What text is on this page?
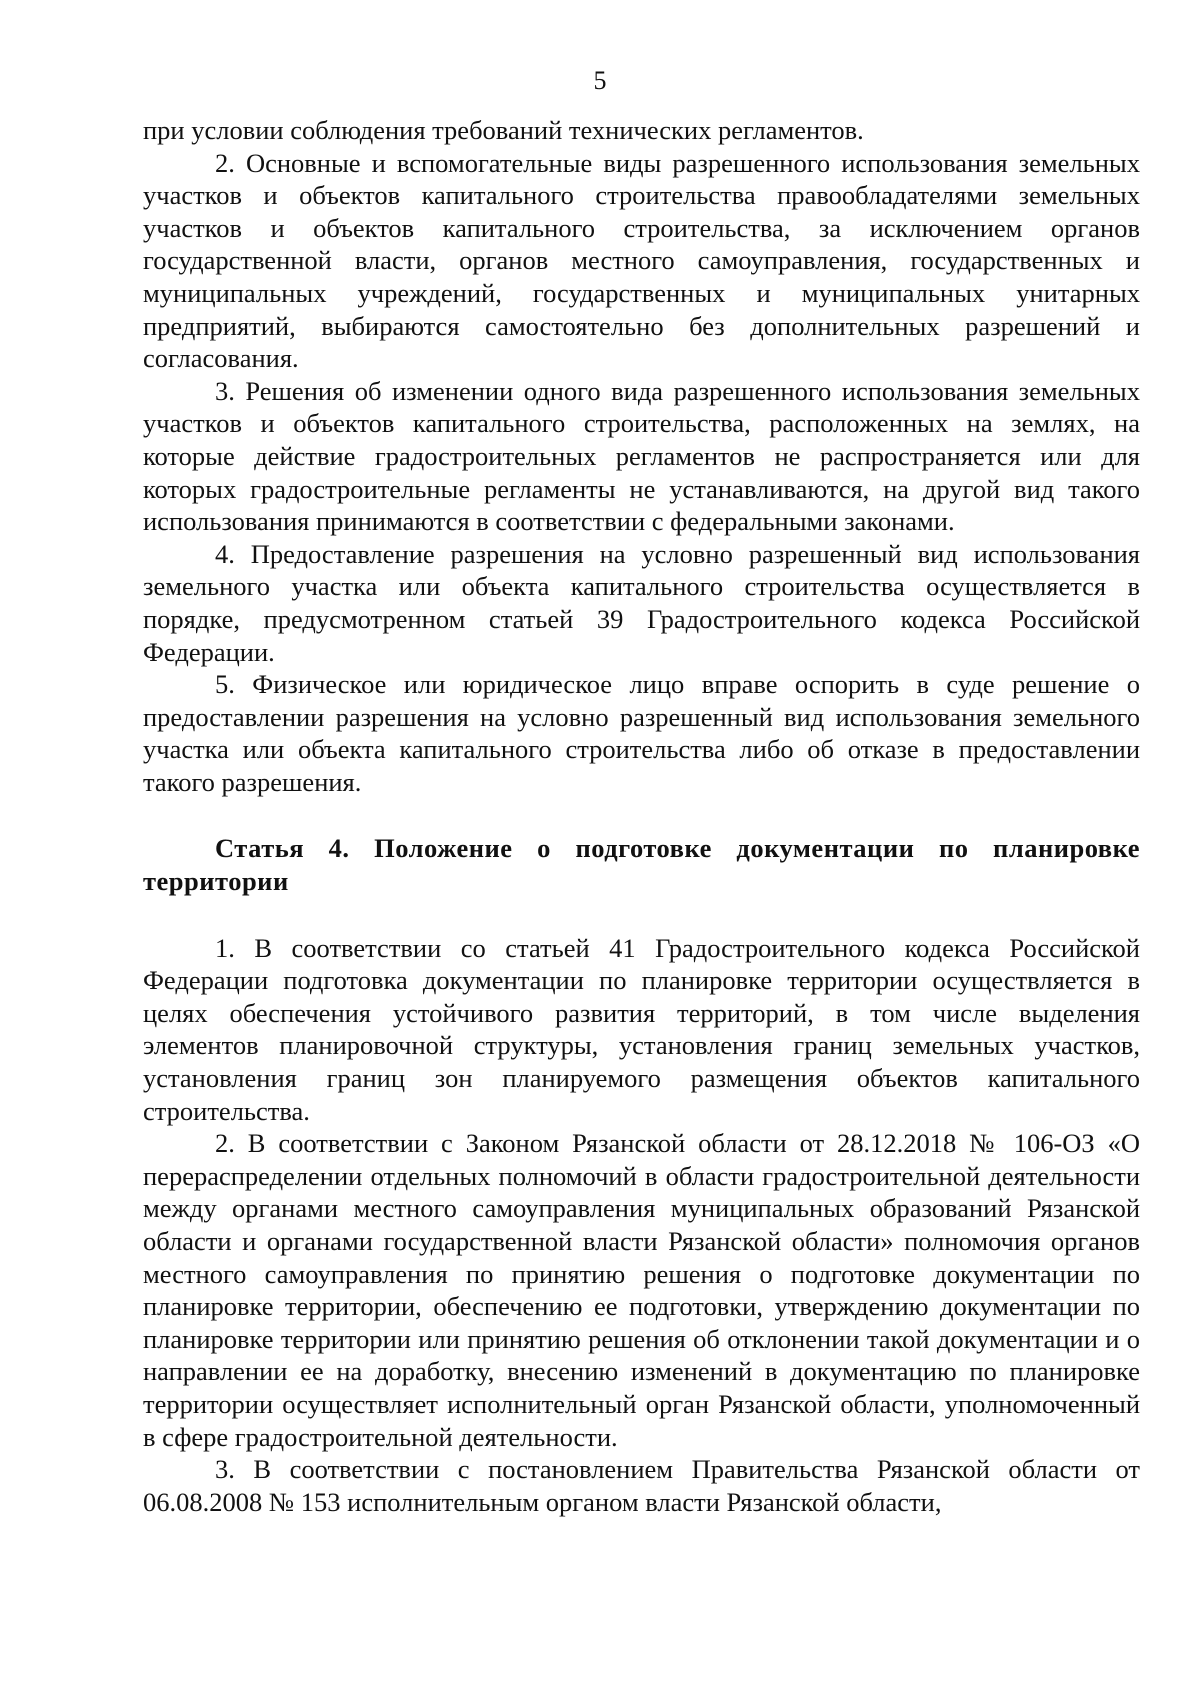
5

при условии соблюдения требований технических регламентов.

2. Основные и вспомогательные виды разрешенного использования земельных участков и объектов капитального строительства правообладателями земельных участков и объектов капитального строительства, за исключением органов государственной власти, органов местного самоуправления, государственных и муниципальных учреждений, государственных и муниципальных унитарных предприятий, выбираются самостоятельно без дополнительных разрешений и согласования.

3. Решения об изменении одного вида разрешенного использования земельных участков и объектов капитального строительства, расположенных на землях, на которые действие градостроительных регламентов не распространяется или для которых градостроительные регламенты не устанавливаются, на другой вид такого использования принимаются в соответствии с федеральными законами.

4. Предоставление разрешения на условно разрешенный вид использования земельного участка или объекта капитального строительства осуществляется в порядке, предусмотренном статьей 39 Градостроительного кодекса Российской Федерации.

5. Физическое или юридическое лицо вправе оспорить в суде решение о предоставлении разрешения на условно разрешенный вид использования земельного участка или объекта капитального строительства либо об отказе в предоставлении такого разрешения.

Статья 4. Положение о подготовке документации по планировке территории

1. В соответствии со статьей 41 Градостроительного кодекса Российской Федерации подготовка документации по планировке территории осуществляется в целях обеспечения устойчивого развития территорий, в том числе выделения элементов планировочной структуры, установления границ земельных участков, установления границ зон планируемого размещения объектов капитального строительства.

2. В соответствии с Законом Рязанской области от 28.12.2018 № 106-ОЗ «О перераспределении отдельных полномочий в области градостроительной деятельности между органами местного самоуправления муниципальных образований Рязанской области и органами государственной власти Рязанской области» полномочия органов местного самоуправления по принятию решения о подготовке документации по планировке территории, обеспечению ее подготовки, утверждению документации по планировке территории или принятию решения об отклонении такой документации и о направлении ее на доработку, внесению изменений в документацию по планировке территории осуществляет исполнительный орган Рязанской области, уполномоченный в сфере градостроительной деятельности.

3. В соответствии с постановлением Правительства Рязанской области от 06.08.2008 № 153 исполнительным органом власти Рязанской области,
